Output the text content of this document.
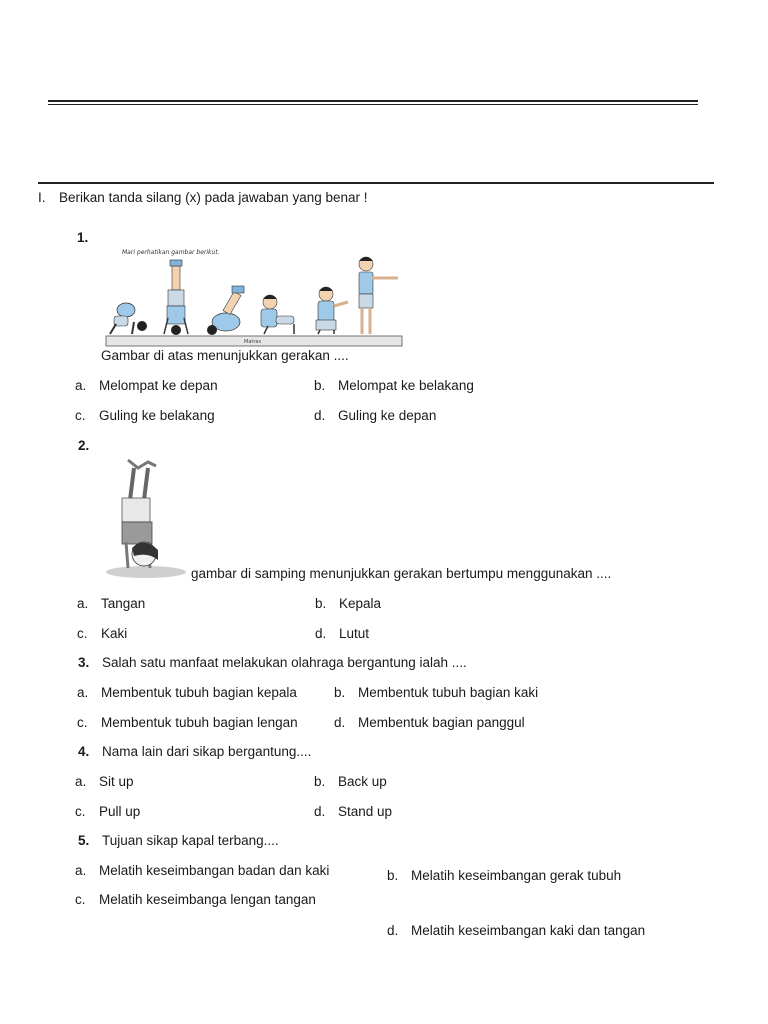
I. Berikan tanda silang (x) pada jawaban yang benar !
1.
Mari perhatikan gambar berikut.
Matras
Gambar di atas menunjukkan gerakan ....
a. Melompat ke depan	b. Melompat ke belakang
c. Guling ke belakang	d. Guling ke depan
2.
gambar di samping menunjukkan gerakan bertumpu menggunakan ....
a. Tangan	b. Kepala
c. Kaki	d. Lutut
3. Salah satu manfaat melakukan olahraga bergantung ialah ....
a. Membentuk tubuh bagian kepala	b. Membentuk tubuh bagian kaki
c. Membentuk tubuh bagian lengan	d. Membentuk bagian panggul
4. Nama lain dari sikap bergantung....
a. Sit up	b. Back up
c. Pull up	d. Stand up
5. Tujuan sikap kapal terbang....
a. Melatih keseimbangan badan dan kaki	b. Melatih keseimbangan gerak tubuh
c. Melatih keseimbanga lengan tangan
d. Melatih keseimbangan kaki dan tangan
